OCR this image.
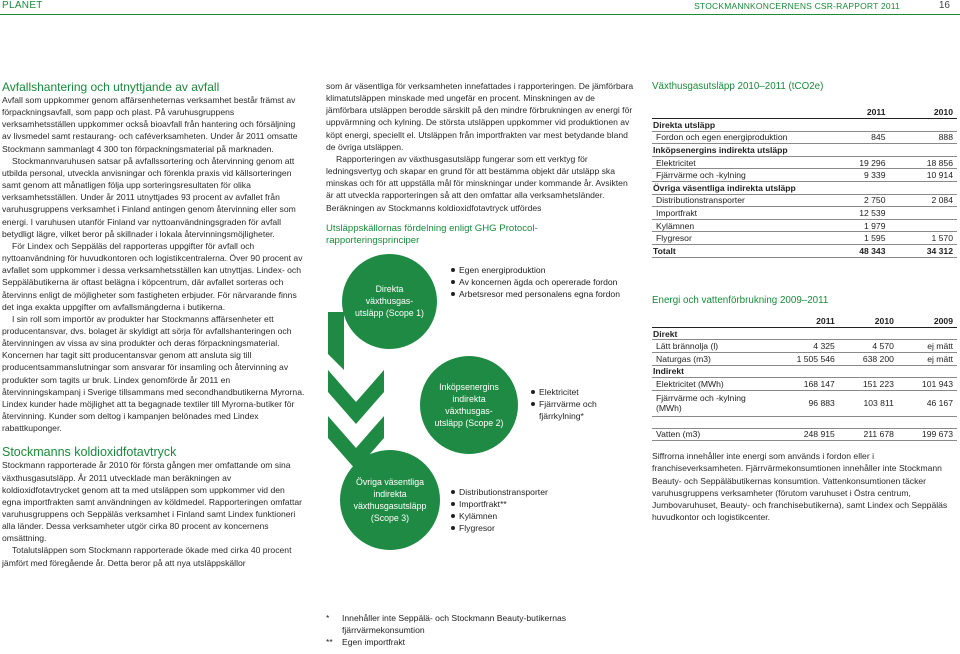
PLANET	STOCKMANNKONCERNENS CSR-RAPPORT 2011	16
Avfallshantering och utnyttjande av avfall

Avfall som uppkommer genom affärsenheternas verksamhet består främst av förpackningsavfall, som papp och plast. På varuhusgruppens verksamhetsställen uppkommer också bioavfall från hantering och försäljning av livsmedel samt restaurang- och caféverksamheten. Under år 2011 omsatte Stockmann sammanlagt 4 300 ton förpackningsmaterial på marknaden.

Stockmannvaruhusen satsar på avfallssortering och återvinning genom att utbilda personal, utveckla anvisningar och förenkla praxis vid källsorteringen samt genom att månatligen följa upp sorteringsresultaten för olika verksamhetsställen. Under år 2011 utnyttjades 93 procent av avfallet från varuhusgruppens verksamhet i Finland antingen genom återvinning eller som energi. I varuhusen utanför Finland var nyttoanvändningsgraden för avfall betydligt lägre, vilket beror på skillnader i lokala återvinningsmöjligheter.

För Lindex och Seppäläs del rapporteras uppgifter för avfall och nyttoanvändning för huvudkontoren och logistikcentralerna. Över 90 procent av avfallet som uppkommer i dessa verksamhetsställen kan utnyttjas. Lindex- och Seppäläbutikerna är oftast belägna i köpcentrum, där avfallet sorteras och återvinns enligt de möjligheter som fastigheten erbjuder. För närvarande finns det inga exakta uppgifter om avfallsmängderna i butikerna.

I sin roll som importör av produkter har Stockmanns affärsenheter ett producentansvar, dvs. bolaget är skyldigt att sörja för avfallshanteringen och återvinningen av vissa av sina produkter och deras förpackningsmaterial. Koncernen har tagit sitt producentansvar genom att ansluta sig till producentsammanslutningar som ansvarar för insamling och återvinning av produkter som tagits ur bruk. Lindex genomförde år 2011 en återvinningskampanj i Sverige tillsammans med secondhandbutikerna Myrorna. Lindex kunder hade möjlighet att ta begagnade textiler till Myrorna-butiker för återvinning. Kunder som deltog i kampanjen belönades med Lindex rabattkuponger.

Stockmanns koldioxidfotavtryck

Stockmann rapporterade år 2010 för första gången mer omfattande om sina växthusgasutsläpp. År 2011 utvecklade man beräkningen av koldioxidfotavtrycket genom att ta med utsläppen som uppkommer vid den egna importfrakten samt användningen av köldmedel. Rapporteringen omfattar varuhusgruppens och Seppäläs verksamhet i Finland samt Lindex funktioneri alla länder. Dessa verksamheter utgör cirka 80 procent av koncernens omsättning.

Totalutsläppen som Stockmann rapporterade ökade med cirka 40 procent jämfört med föregående år. Detta beror på att nya utsläppskällor

som är väsentliga för verksamheten innefattades i rapporteringen. De jämförbara klimatutsläppen minskade med ungefär en procent. Minskningen av de jämförbara utsläppen berodde särskilt på den mindre förbrukningen av energi för uppvärmning och kylning. De största utsläppen uppkommer vid produktionen av köpt energi, speciellt el. Utsläppen från importfrakten var mest betydande bland de övriga utsläppen.

Rapporteringen av växthusgasutsläpp fungerar som ett verktyg för ledningsvertyg och skapar en grund för att bestämma objekt där utsläpp ska minskas och för att uppställa mål för minskningar under kommande år. Avsikten är att utveckla rapporteringen så att den omfattar alla verksamhetsländer. Beräkningen av Stockmanns koldioxidfotavtryck utfördes

Utsläppskällornas fördelning enligt GHG Protocol-rapporteringsprinciper
Direkta växthusgas-utsläpp (Scope 1)
Egen energiproduktion
Av koncernen ägda och opererade fordon
Arbetsresor med personalens egna fordon
Inköpsenergins indirekta växthusgas-utsläpp (Scope 2)
Elektricitet
Fjärrvärme och fjärrkylning*
Övriga väsentliga indirekta växthusgasutsläpp (Scope 3)
Distributionstransporter
Importfrakt**
Kylämnen
Flygresor
*	Innehåller inte Seppälä- och Stockmann Beauty-butikernas fjärrvärmekonsumtion
**	Egen importfrakt
Växthusgasutsläpp 2010–2011 (tCO2e)
	2011	2010
Direkta utsläpp		
Fordon och egen energiproduktion	845	888
Inköpsenergins indirekta utsläpp		
Elektricitet	19 296	18 856
Fjärrvärme och -kylning	9 339	10 914
Övriga väsentliga indirekta utsläpp		
Distributionstransporter	2 750	2 084
Importfrakt	12 539	
Kylämnen	1 979	
Flygresor	1 595	1 570
Totalt	48 343	34 312
Energi och vattenförbrukning 2009–2011
	2011	2010	2009
Direkt			
Lätt brännolja (l)	4 325	4 570	ej mätt
Naturgas (m3)	1 505 546	638 200	ej mätt
Indirekt			
Elektricitet (MWh)	168 147	151 223	101 943
Fjärrvärme och -kylning (MWh)	96 883	103 811	46 167

Vatten (m3)	248 915	211 678	199 673

Siffrorna innehåller inte energi som används i fordon eller i franchiseverksamheten. Fjärrvärmekonsumtionen innehåller inte Stockmann Beauty- och Seppäläbutikernas konsumtion. Vattenkonsumtionen täcker varuhusgruppens verksamheter (förutom varuhuset i Östra centrum, Jumbovaruhuset, Beauty- och franchisebutikerna), samt Lindex och Seppäläs huvudkontor och logistikcenter.
